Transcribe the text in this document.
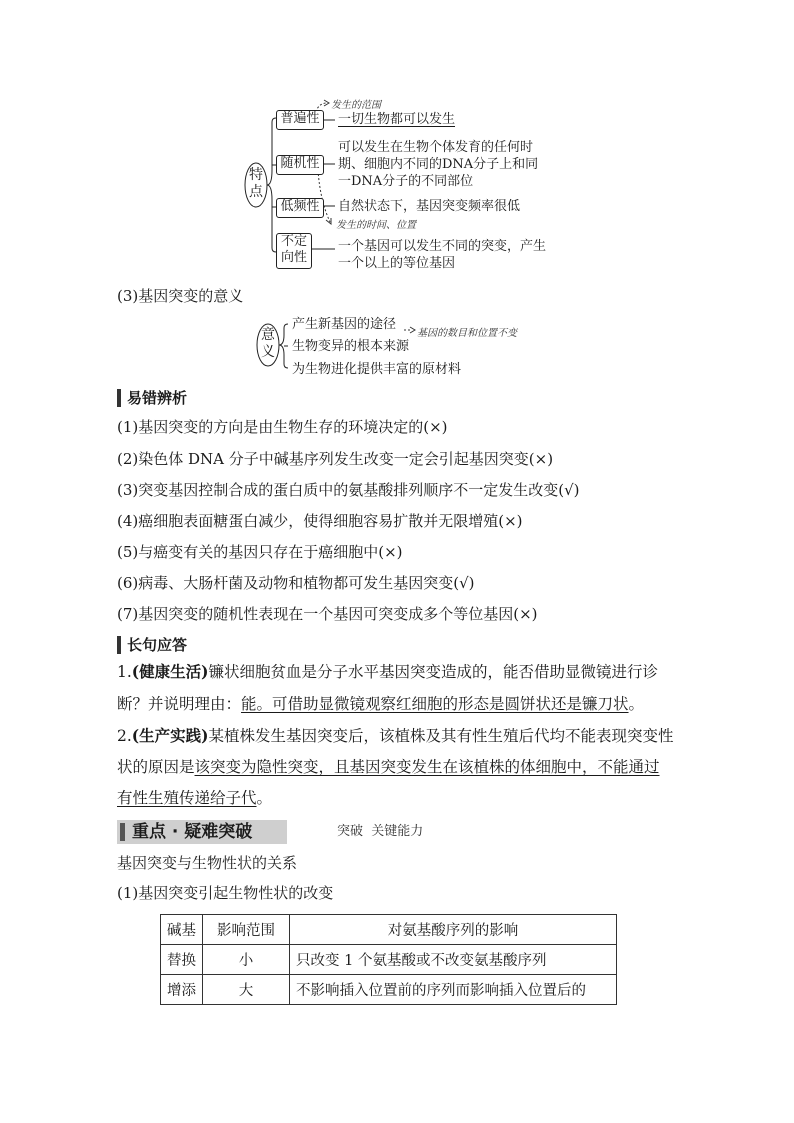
特点
普遍性
发生的范围
一切生物都可以发生
随机性
可以发生在生物个体发育的任何时
期、细胞内不同的DNA分子上和同
一DNA分子的不同部位
低频性	自然状态下，基因突变频率很低
发生的时间、位置
不定向性
一个基因可以发生不同的突变，产生
一个以上的等位基因
(3)基因突变的意义
意义
产生新基因的途径
基因的数目和位置不变
生物变异的根本来源
为生物进化提供丰富的原材料
易错辨析
(1)基因突变的方向是由生物生存的环境决定的(×)
(2)染色体 DNA 分子中碱基序列发生改变一定会引起基因突变(×)
(3)突变基因控制合成的蛋白质中的氨基酸排列顺序不一定发生改变(√)
(4)癌细胞表面糖蛋白减少，使得细胞容易扩散并无限增殖(×)
(5)与癌变有关的基因只存在于癌细胞中(×)
(6)病毒、大肠杆菌及动物和植物都可发生基因突变(√)
(7)基因突变的随机性表现在一个基因可突变成多个等位基因(×)
长句应答
1.(健康生活)镰状细胞贫血是分子水平基因突变造成的，能否借助显微镜进行诊
断？并说明理由：能。可借助显微镜观察红细胞的形态是圆饼状还是镰刀状。
2.(生产实践)某植株发生基因突变后，该植株及其有性生殖后代均不能表现突变性
状的原因是该突变为隐性突变，且基因突变发生在该植株的体细胞中，不能通过
有性生殖传递给子代。
重点 · 疑难突破	突破  关键能力
基因突变与生物性状的关系
(1)基因突变引起生物性状的改变
碱基	影响范围	对氨基酸序列的影响
替换	小	只改变 1 个氨基酸或不改变氨基酸序列
增添	大	不影响插入位置前的序列而影响插入位置后的
